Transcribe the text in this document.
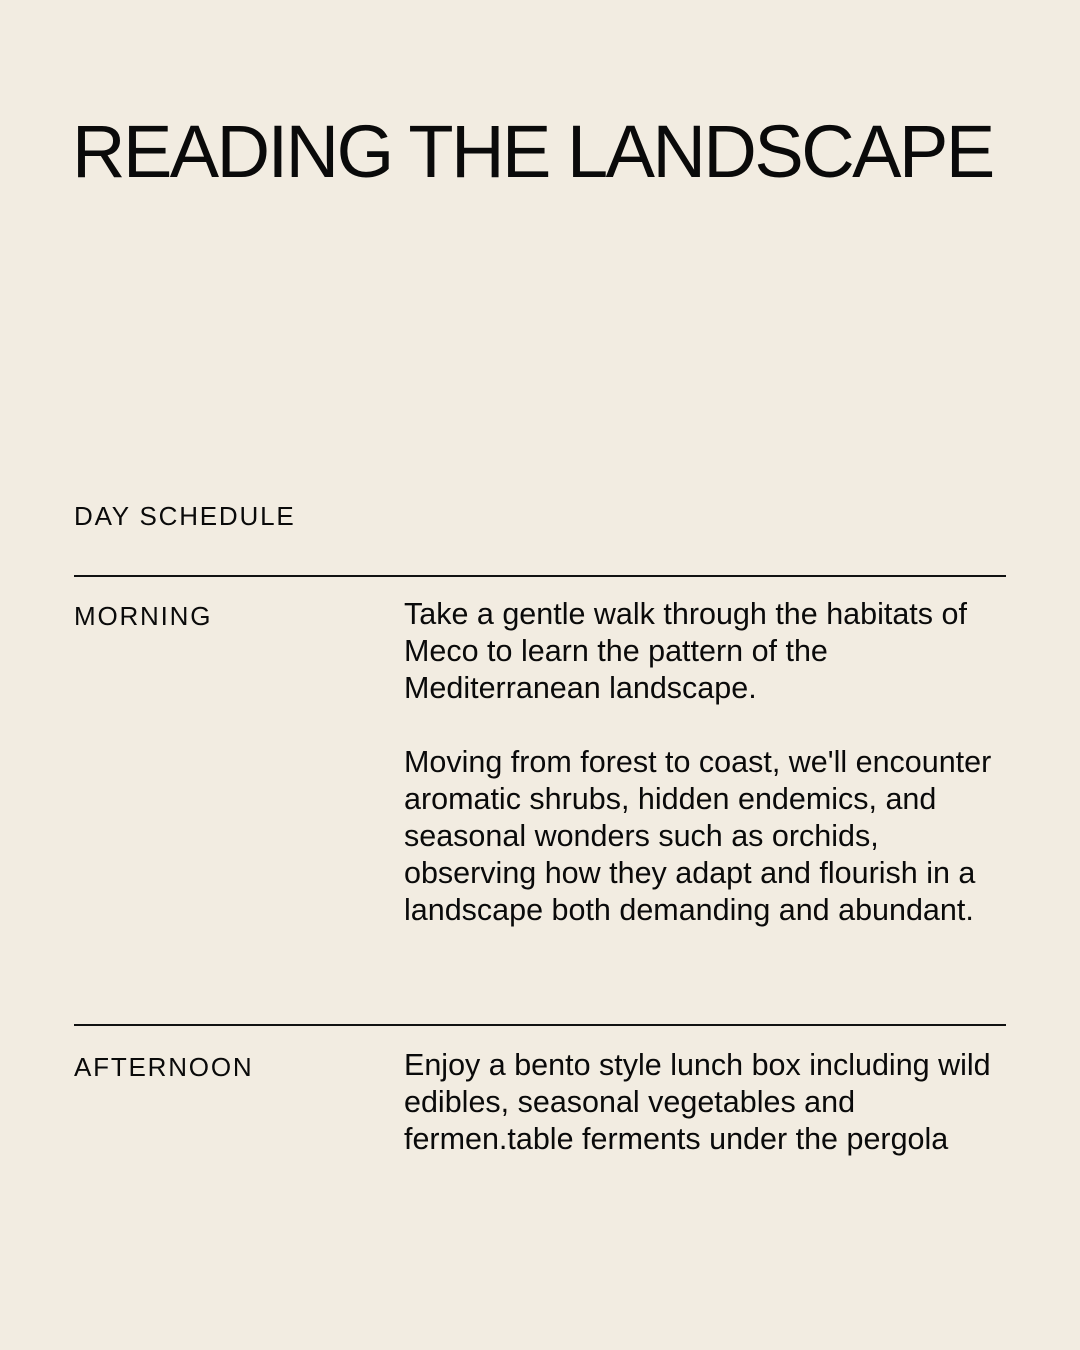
READING THE LANDSCAPE
DAY SCHEDULE
MORNING	Take a gentle walk through the habitats of Meco to learn the pattern of the Mediterranean landscape.

Moving from forest to coast, we'll encounter aromatic shrubs, hidden endemics, and seasonal wonders such as orchids, observing how they adapt and flourish in a landscape both demanding and abundant.

AFTERNOON	Enjoy a bento style lunch box including wild edibles, seasonal vegetables and fermen.table ferments under the pergola
